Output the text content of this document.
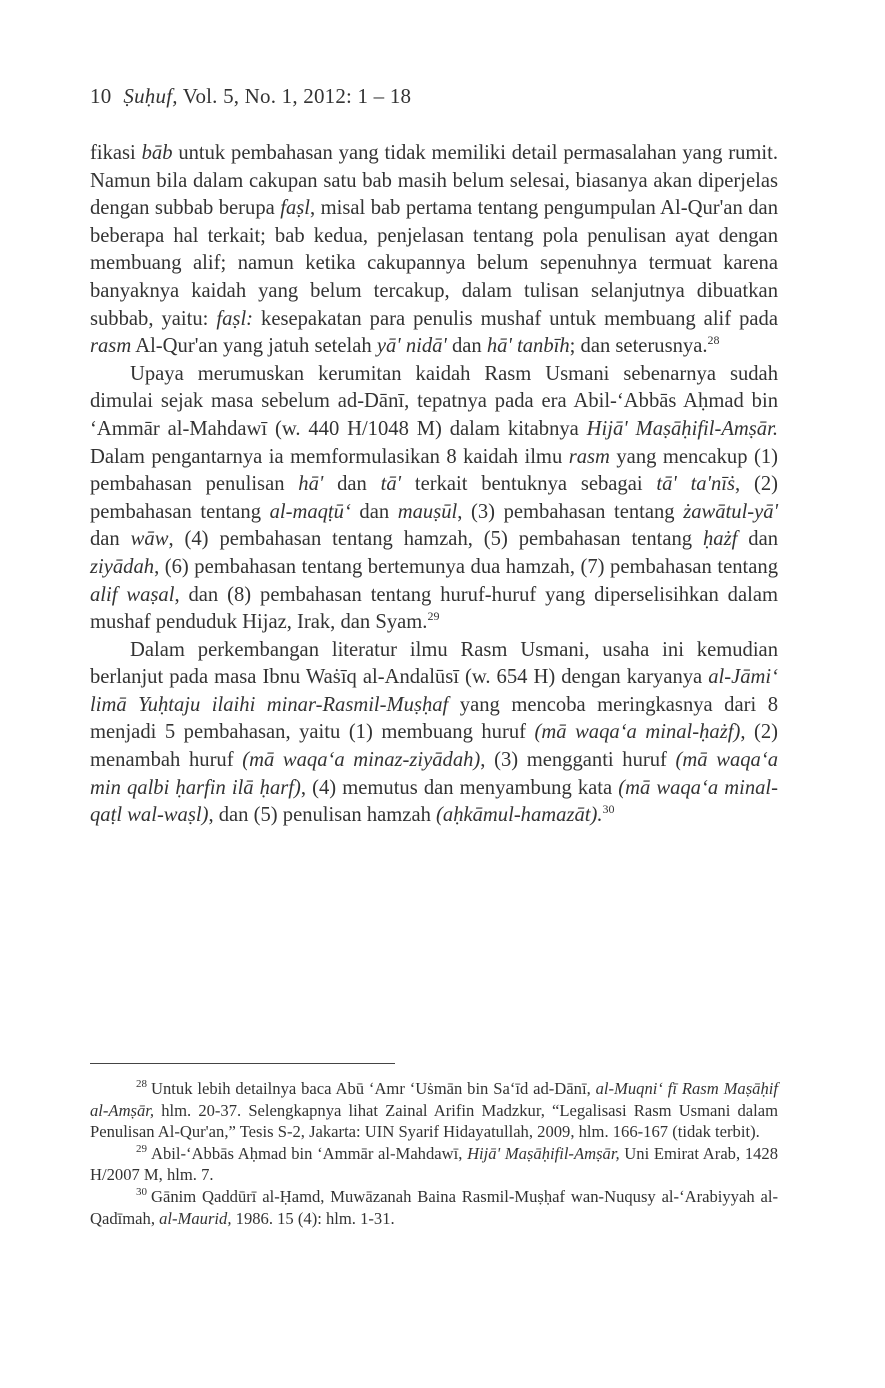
10 Ṣuḥuf, Vol. 5, No. 1, 2012: 1 – 18

fikasi bāb untuk pembahasan yang tidak memiliki detail permasalahan yang rumit. Namun bila dalam cakupan satu bab masih belum selesai, biasanya akan diperjelas dengan subbab berupa faṣl, misal bab pertama tentang pengumpulan Al-Qur'an dan beberapa hal terkait; bab kedua, penjelasan tentang pola penulisan ayat dengan membuang alif; namun ketika cakupannya belum sepenuhnya termuat karena banyaknya kaidah yang belum tercakup, dalam tulisan selanjutnya dibuatkan subbab, yaitu: faṣl: kesepakatan para penulis mushaf untuk membuang alif pada rasm Al-Qur'an yang jatuh setelah yā' nidā' dan hā' tanbīh; dan seterusnya.$^{28}$

Upaya merumuskan kerumitan kaidah Rasm Usmani sebenarnya sudah dimulai sejak masa sebelum ad-Dānī, tepatnya pada era Abil-ʻAbbās Aḥmad bin ʻAmmār al-Mahdawī (w. 440 H/1048 M) dalam kitabnya Hijā' Maṣāḥifil-Amṣār. Dalam pengantarnya ia memformulasikan 8 kaidah ilmu rasm yang mencakup (1) pembahasan penulisan hā' dan tā' terkait bentuknya sebagai tā' ta'nīṡ, (2) pembahasan tentang al-maqṭūʻ dan mauṣūl, (3) pembahasan tentang żawātul-yā' dan wāw, (4) pembahasan tentang hamzah, (5) pembahasan tentang ḥażf dan ziyādah, (6) pembahasan tentang bertemunya dua hamzah, (7) pembahasan tentang alif waṣal, dan (8) pembahasan tentang huruf-huruf yang diperselisihkan dalam mushaf penduduk Hijaz, Irak, dan Syam.$^{29}$

Dalam perkembangan literatur ilmu Rasm Usmani, usaha ini kemudian berlanjut pada masa Ibnu Waṡīq al-Andalūsī (w. 654 H) dengan karyanya al-Jāmiʻ limā Yuḥtaju ilaihi minar-Rasmil-Muṣḥaf yang mencoba meringkasnya dari 8 menjadi 5 pembahasan, yaitu (1) membuang huruf (mā waqaʻa minal-ḥażf), (2) menambah huruf (mā waqaʻa minaz-ziyādah), (3) mengganti huruf (mā waqaʻa min qalbi ḥarfin ilā ḥarf), (4) memutus dan menyambung kata (mā waqaʻa minal-qaṭl wal-waṣl), dan (5) penulisan hamzah (aḥkāmul-hamazāt).$^{30}$

$^{28}$ Untuk lebih detailnya baca Abū ʻAmr ʻUṡmān bin Saʻīd ad-Dānī, al-Muqniʻ fī Rasm Maṣāḥif al-Amṣār, hlm. 20-37. Selengkapnya lihat Zainal Arifin Madzkur, “Legalisasi Rasm Usmani dalam Penulisan Al-Qur'an,” Tesis S-2, Jakarta: UIN Syarif Hidayatullah, 2009, hlm. 166-167 (tidak terbit).

$^{29}$ Abil-ʻAbbās Aḥmad bin ʻAmmār al-Mahdawī, Hijā' Maṣāḥifil-Amṣār, Uni Emirat Arab, 1428 H/2007 M, hlm. 7.

$^{30}$ Gānim Qaddūrī al-Ḥamd, Muwāzanah Baina Rasmil-Muṣḥaf wan-Nuqusy al-ʻArabiyyah al-Qadīmah, al-Maurid, 1986. 15 (4): hlm. 1-31.
